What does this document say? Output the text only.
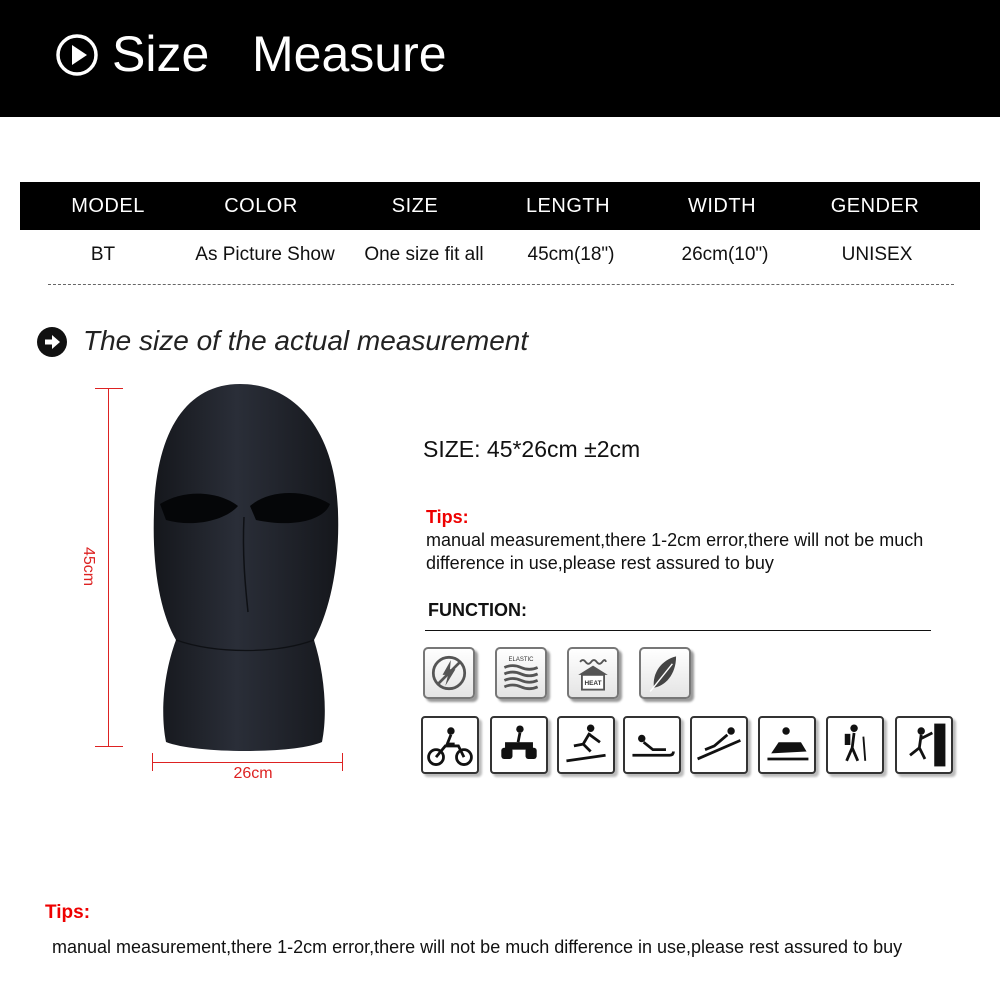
Size Measure
MODEL	COLOR	SIZE	LENGTH	WIDTH	GENDER
BT	As Picture Show	One size fit all	45cm(18")	26cm(10")	UNISEX
The size of the actual measurement
45cm
26cm
SIZE: 45*26cm ±2cm
Tips:
manual measurement,there 1-2cm error,there will not be much difference in use,please rest assured to buy
FUNCTION:
ELASTIC
HEAT
Tips:
manual measurement,there 1-2cm error,there will not be much difference in use,please rest assured to buy
